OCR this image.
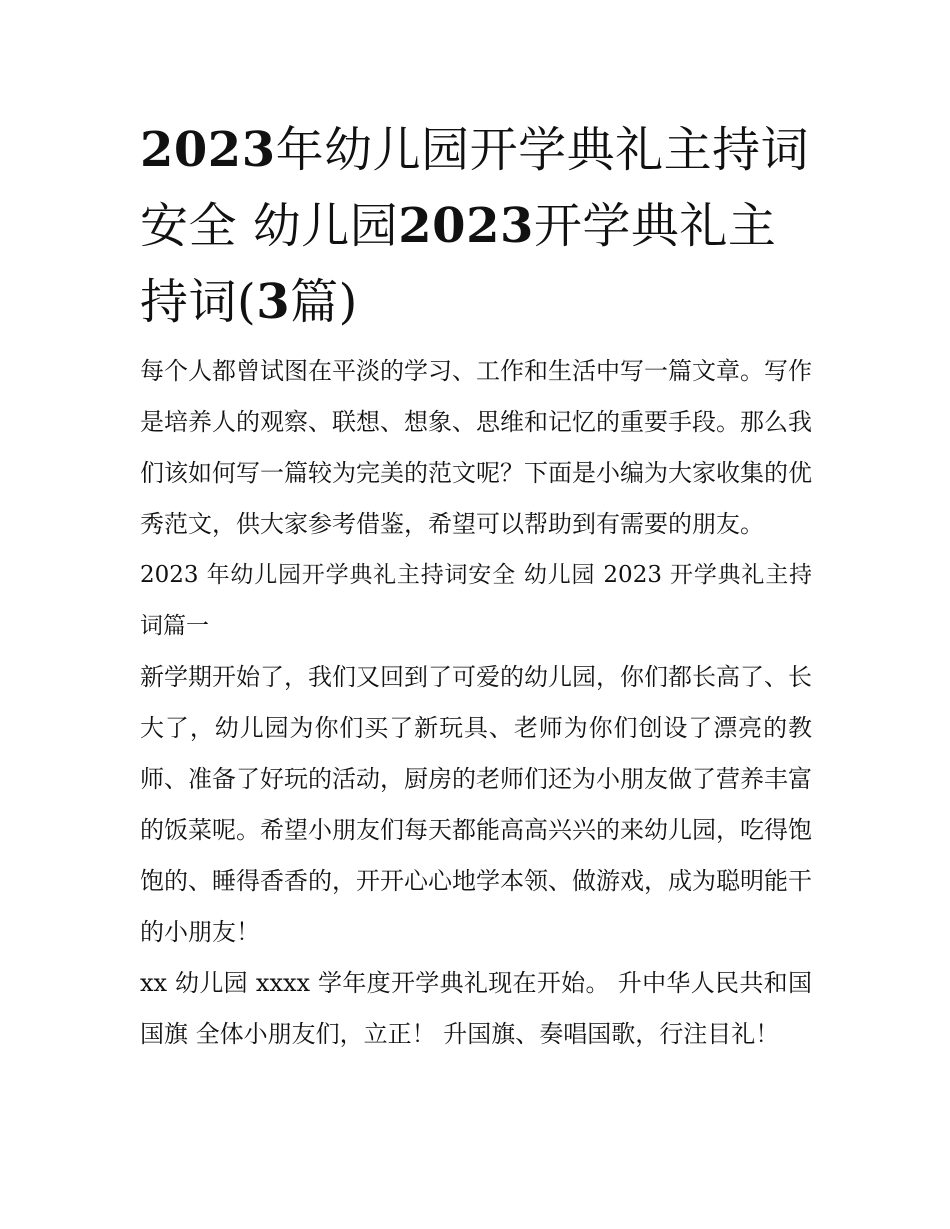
2023年幼儿园开学典礼主持词安全 幼儿园2023开学典礼主持词(3篇)

每个人都曾试图在平淡的学习、工作和生活中写一篇文章。写作是培养人的观察、联想、想象、思维和记忆的重要手段。那么我们该如何写一篇较为完美的范文呢？下面是小编为大家收集的优秀范文，供大家参考借鉴，希望可以帮助到有需要的朋友。

2023 年幼儿园开学典礼主持词安全 幼儿园 2023 开学典礼主持词篇一

新学期开始了，我们又回到了可爱的幼儿园，你们都长高了、长大了，幼儿园为你们买了新玩具、老师为你们创设了漂亮的教师、准备了好玩的活动，厨房的老师们还为小朋友做了营养丰富的饭菜呢。希望小朋友们每天都能高高兴兴的来幼儿园，吃得饱饱的、睡得香香的，开开心心地学本领、做游戏，成为聪明能干的小朋友！

xx 幼儿园 xxxx 学年度开学典礼现在开始。 升中华人民共和国国旗 全体小朋友们，立正！ 升国旗、奏唱国歌，行注目礼！
